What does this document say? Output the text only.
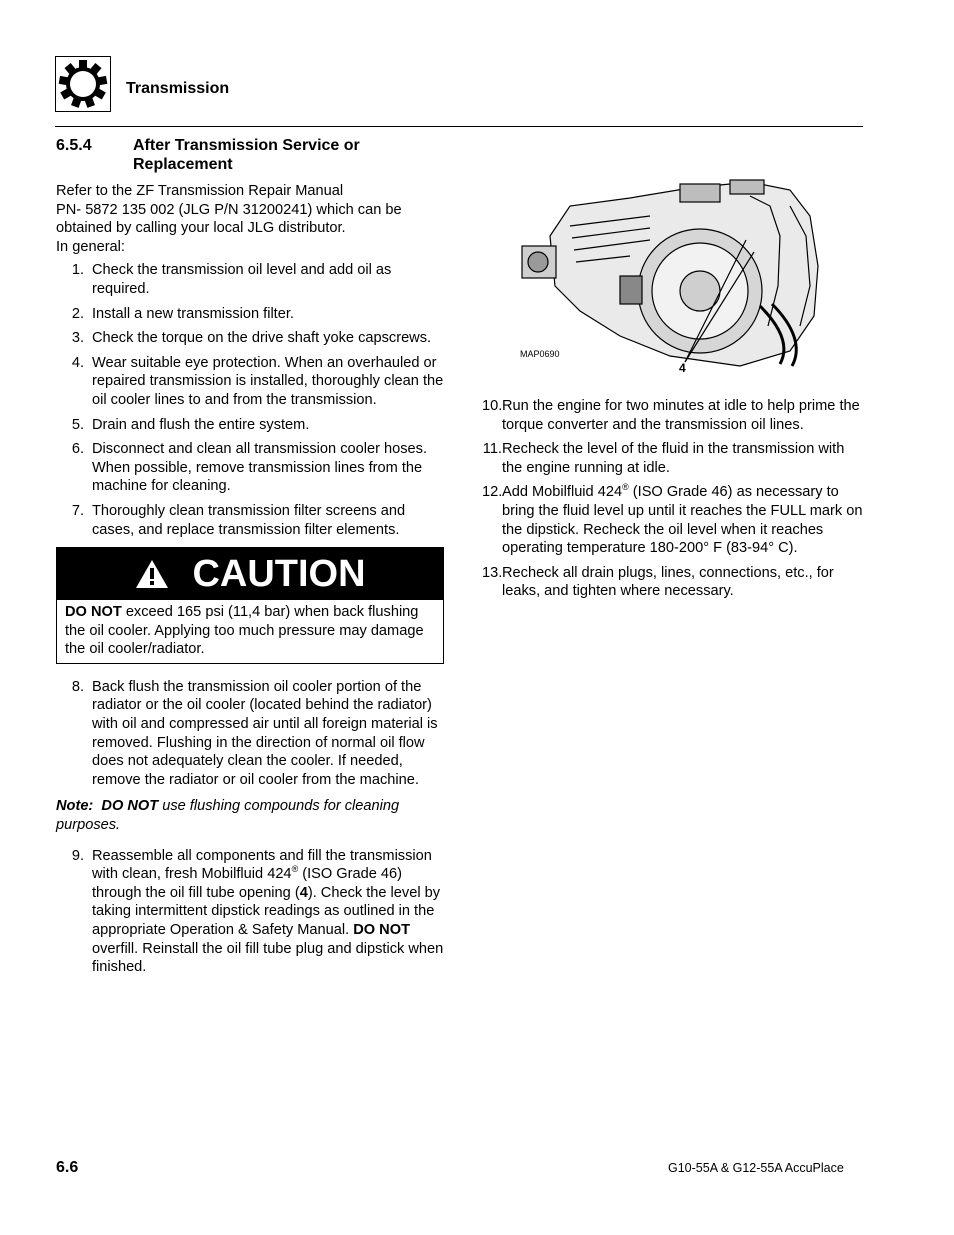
Transmission
6.5.4	After Transmission Service or
Replacement

Refer to the ZF Transmission Repair Manual
PN- 5872 135 002 (JLG P/N 31200241) which can be obtained by calling your local JLG distributor.
In general:

1. Check the transmission oil level and add oil as required.
2. Install a new transmission filter.
3. Check the torque on the drive shaft yoke capscrews.
4. Wear suitable eye protection. When an overhauled or repaired transmission is installed, thoroughly clean the oil cooler lines to and from the transmission.
5. Drain and flush the entire system.
6. Disconnect and clean all transmission cooler hoses. When possible, remove transmission lines from the machine for cleaning.
7. Thoroughly clean transmission filter screens and cases, and replace transmission filter elements.
CAUTION
DO NOT exceed 165 psi (11,4 bar) when back flushing the oil cooler. Applying too much pressure may damage the oil cooler/radiator.
8. Back flush the transmission oil cooler portion of the radiator or the oil cooler (located behind the radiator) with oil and compressed air until all foreign material is removed. Flushing in the direction of normal oil flow does not adequately clean the cooler. If needed, remove the radiator or oil cooler from the machine.

Note: DO NOT use flushing compounds for cleaning purposes.

9. Reassemble all components and fill the transmission with clean, fresh Mobilfluid 424® (ISO Grade 46) through the oil fill tube opening (4). Check the level by taking intermittent dipstick readings as outlined in the appropriate Operation & Safety Manual. DO NOT overfill. Reinstall the oil fill tube plug and dipstick when finished.
MAP0690
4
10. Run the engine for two minutes at idle to help prime the torque converter and the transmission oil lines.
11. Recheck the level of the fluid in the transmission with the engine running at idle.
12. Add Mobilfluid 424® (ISO Grade 46) as necessary to bring the fluid level up until it reaches the FULL mark on the dipstick. Recheck the oil level when it reaches operating temperature 180-200° F (83-94° C).
13. Recheck all drain plugs, lines, connections, etc., for leaks, and tighten where necessary.
6.6	G10-55A & G12-55A AccuPlace
